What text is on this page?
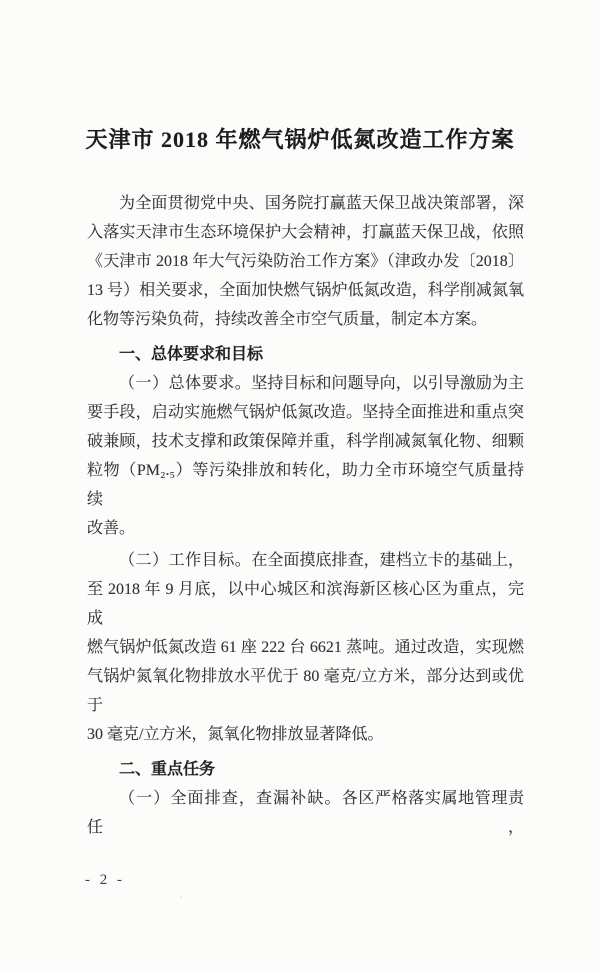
天津市 2018 年燃气锅炉低氮改造工作方案
为全面贯彻党中央、国务院打赢蓝天保卫战决策部署，深
入落实天津市生态环境保护大会精神，打赢蓝天保卫战，依照
《天津市 2018 年大气污染防治工作方案》（津政办发〔2018〕
13 号）相关要求，全面加快燃气锅炉低氮改造，科学削减氮氧
化物等污染负荷，持续改善全市空气质量，制定本方案。
一、总体要求和目标
（一）总体要求。坚持目标和问题导向，以引导激励为主
要手段，启动实施燃气锅炉低氮改造。坚持全面推进和重点突
破兼顾，技术支撑和政策保障并重，科学削减氮氧化物、细颗
粒物（PM₂.₅）等污染排放和转化，助力全市环境空气质量持续
改善。
（二）工作目标。在全面摸底排查，建档立卡的基础上，
至 2018 年 9 月底，以中心城区和滨海新区核心区为重点，完成
燃气锅炉低氮改造 61 座 222 台 6621 蒸吨。通过改造，实现燃
气锅炉氮氧化物排放水平优于 80 毫克/立方米，部分达到或优于
30 毫克/立方米，氮氧化物排放显著降低。
二、重点任务
（一）全面排查，查漏补缺。各区严格落实属地管理责任，
- 2 -
